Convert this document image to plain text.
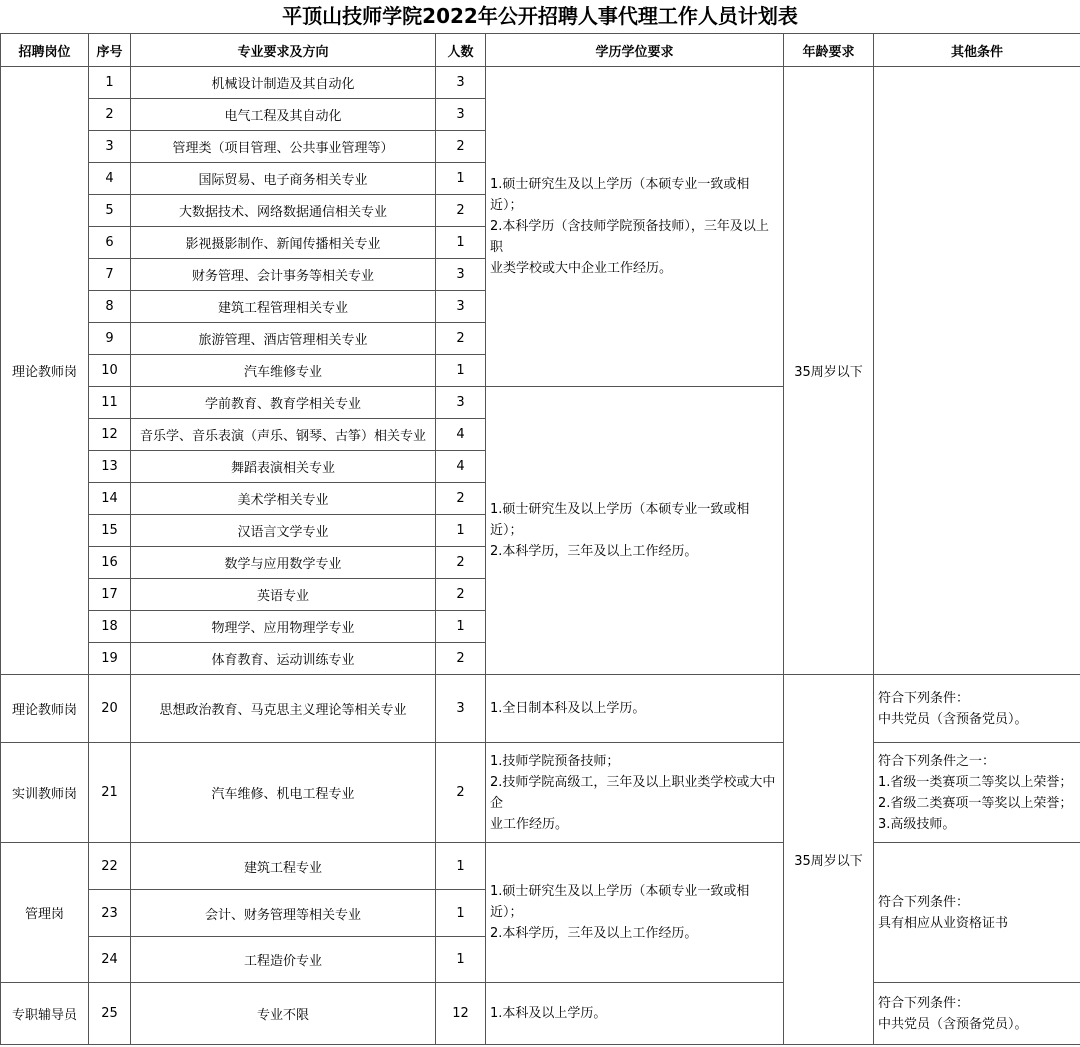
平顶山技师学院2022年公开招聘人事代理工作人员计划表
招聘岗位	序号	专业要求及方向	人数	学历学位要求	年龄要求	其他条件
理论教师岗	1	机械设计制造及其自动化	3	1.硕士研究生及以上学历（本硕专业一致或相近）；
2.本科学历（含技师学院预备技师），三年及以上职
业类学校或大中企业工作经历。	35周岁以下	
	2	电气工程及其自动化	3			
	3	管理类（项目管理、公共事业管理等）	2			
	4	国际贸易、电子商务相关专业	1			
	5	大数据技术、网络数据通信相关专业	2			
	6	影视摄影制作、新闻传播相关专业	1			
	7	财务管理、会计事务等相关专业	3			
	8	建筑工程管理相关专业	3			
	9	旅游管理、酒店管理相关专业	2			
	10	汽车维修专业	1			
	11	学前教育、教育学相关专业	3	1.硕士研究生及以上学历（本硕专业一致或相近）；
2.本科学历，三年及以上工作经历。		

	12	音乐学、音乐表演（声乐、钢琴、古筝）相关专业	4			
	13	舞蹈表演相关专业	4			
	14	美术学相关专业	2			
	15	汉语言文学专业	1			
	16	数学与应用数学专业	2			
	17	英语专业	2			
	18	物理学、应用物理学专业	1			
	19	体育教育、运动训练专业	2			
理论教师岗	20	思想政治教育、马克思主义理论等相关专业	3	1.全日制本科及以上学历。	35周岁以下	符合下列条件：
中共党员（含预备党员）。

实训教师岗	21	汽车维修、机电工程专业	2	1.技师学院预备技师；
2.技师学院高级工，三年及以上职业类学校或大中企
业工作经历。		符合下列条件之一：
1.省级一类赛项二等奖以上荣誉；
2.省级二类赛项一等奖以上荣誉；
3.高级技师。

管理岗	22	建筑工程专业	1	1.硕士研究生及以上学历（本硕专业一致或相近）；
2.本科学历，三年及以上工作经历。		符合下列条件：
具有相应从业资格证书

	23	会计、财务管理等相关专业	1			
	24	工程造价专业	1			
专职辅导员	25	专业不限	12	1.本科及以上学历。		符合下列条件：
中共党员（含预备党员）。
